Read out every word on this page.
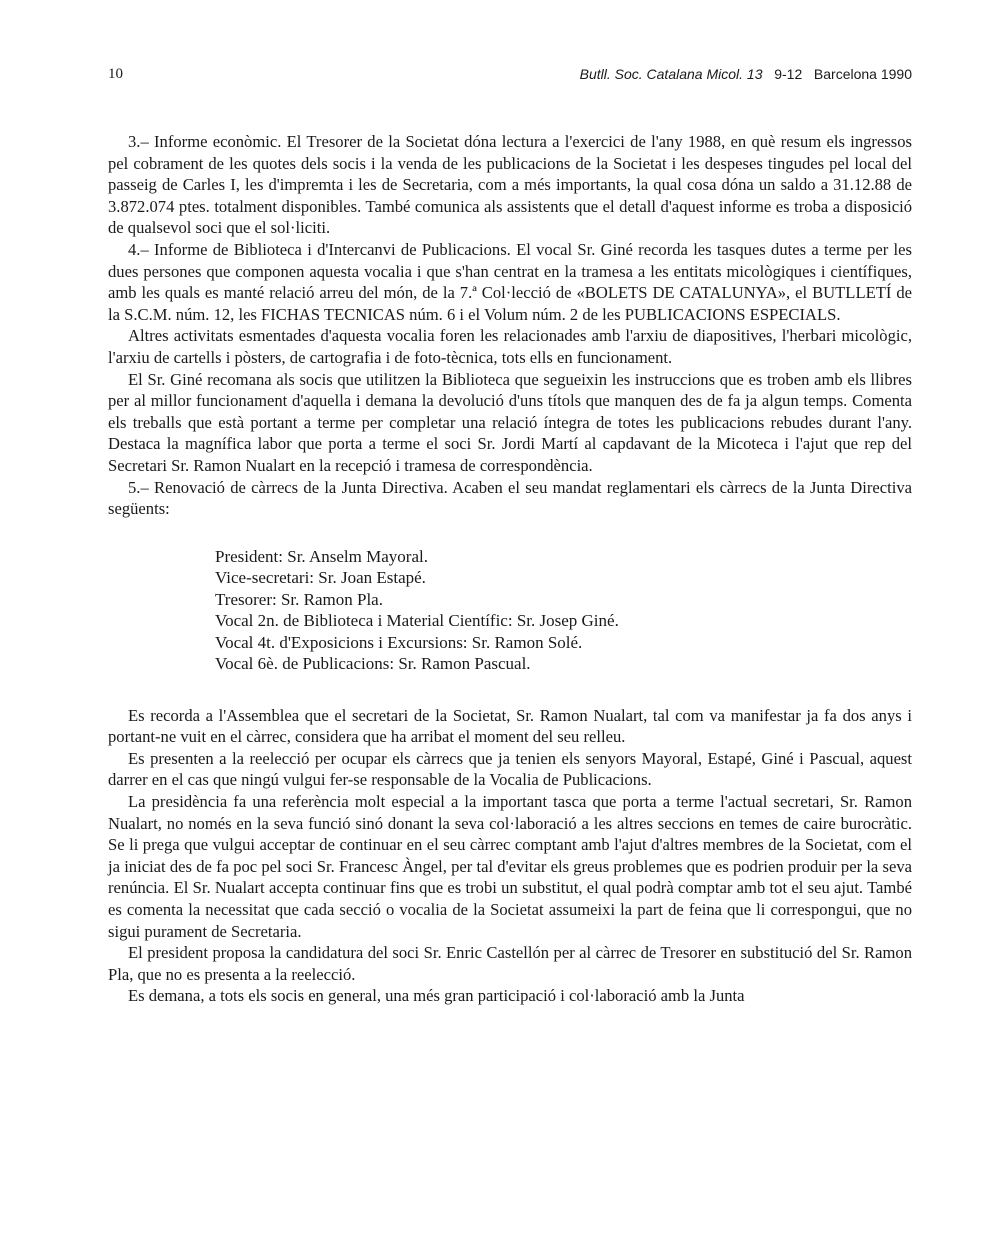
10	Butll. Soc. Catalana Micol. 13 9-12   Barcelona 1990

3.– Informe econòmic. El Tresorer de la Societat dóna lectura a l'exercici de l'any 1988, en què resum els ingressos pel cobrament de les quotes dels socis i la venda de les publicacions de la Societat i les despeses tingudes pel local del passeig de Carles I, les d'impremta i les de Secretaria, com a més importants, la qual cosa dóna un saldo a 31.12.88 de 3.872.074 ptes. totalment disponibles. També comunica als assistents que el detall d'aquest informe es troba a disposició de qualsevol soci que el sol·liciti.

4.– Informe de Biblioteca i d'Intercanvi de Publicacions. El vocal Sr. Giné recorda les tasques dutes a terme per les dues persones que componen aquesta vocalia i que s'han centrat en la tramesa a les entitats micològiques i científiques, amb les quals es manté relació arreu del món, de la 7.ª Col·lecció de «BOLETS DE CATALUNYA», el BUTLLETÍ de la S.C.M. núm. 12, les FICHAS TECNICAS núm. 6 i el Volum núm. 2 de les PUBLICACIONS ESPECIALS.

Altres activitats esmentades d'aquesta vocalia foren les relacionades amb l'arxiu de diapositives, l'herbari micològic, l'arxiu de cartells i pòsters, de cartografia i de foto-tècnica, tots ells en funcionament.

El Sr. Giné recomana als socis que utilitzen la Biblioteca que segueixin les instruccions que es troben amb els llibres per al millor funcionament d'aquella i demana la devolució d'uns títols que manquen des de fa ja algun temps. Comenta els treballs que està portant a terme per completar una relació íntegra de totes les publicacions rebudes durant l'any. Destaca la magnífica labor que porta a terme el soci Sr. Jordi Martí al capdavant de la Micoteca i l'ajut que rep del Secretari Sr. Ramon Nualart en la recepció i tramesa de correspondència.

5.– Renovació de càrrecs de la Junta Directiva. Acaben el seu mandat reglamentari els càrrecs de la Junta Directiva següents:

President: Sr. Anselm Mayoral.
Vice-secretari: Sr. Joan Estapé.
Tresorer: Sr. Ramon Pla.
Vocal 2n. de Biblioteca i Material Científic: Sr. Josep Giné.
Vocal 4t. d'Exposicions i Excursions: Sr. Ramon Solé.
Vocal 6è. de Publicacions: Sr. Ramon Pascual.

Es recorda a l'Assemblea que el secretari de la Societat, Sr. Ramon Nualart, tal com va manifestar ja fa dos anys i portant-ne vuit en el càrrec, considera que ha arribat el moment del seu relleu.

Es presenten a la reelecció per ocupar els càrrecs que ja tenien els senyors Mayoral, Estapé, Giné i Pascual, aquest darrer en el cas que ningú vulgui fer-se responsable de la Vocalia de Publicacions.

La presidència fa una referència molt especial a la important tasca que porta a terme l'actual secretari, Sr. Ramon Nualart, no només en la seva funció sinó donant la seva col·laboració a les altres seccions en temes de caire burocràtic. Se li prega que vulgui acceptar de continuar en el seu càrrec comptant amb l'ajut d'altres membres de la Societat, com el ja iniciat des de fa poc pel soci Sr. Francesc Àngel, per tal d'evitar els greus problemes que es podrien produir per la seva renúncia. El Sr. Nualart accepta continuar fins que es trobi un substitut, el qual podrà comptar amb tot el seu ajut. També es comenta la necessitat que cada secció o vocalia de la Societat assumeixi la part de feina que li correspongui, que no sigui purament de Secretaria.

El president proposa la candidatura del soci Sr. Enric Castellón per al càrrec de Tresorer en substitució del Sr. Ramon Pla, que no es presenta a la reelecció.

Es demana, a tots els socis en general, una més gran participació i col·laboració amb la Junta
